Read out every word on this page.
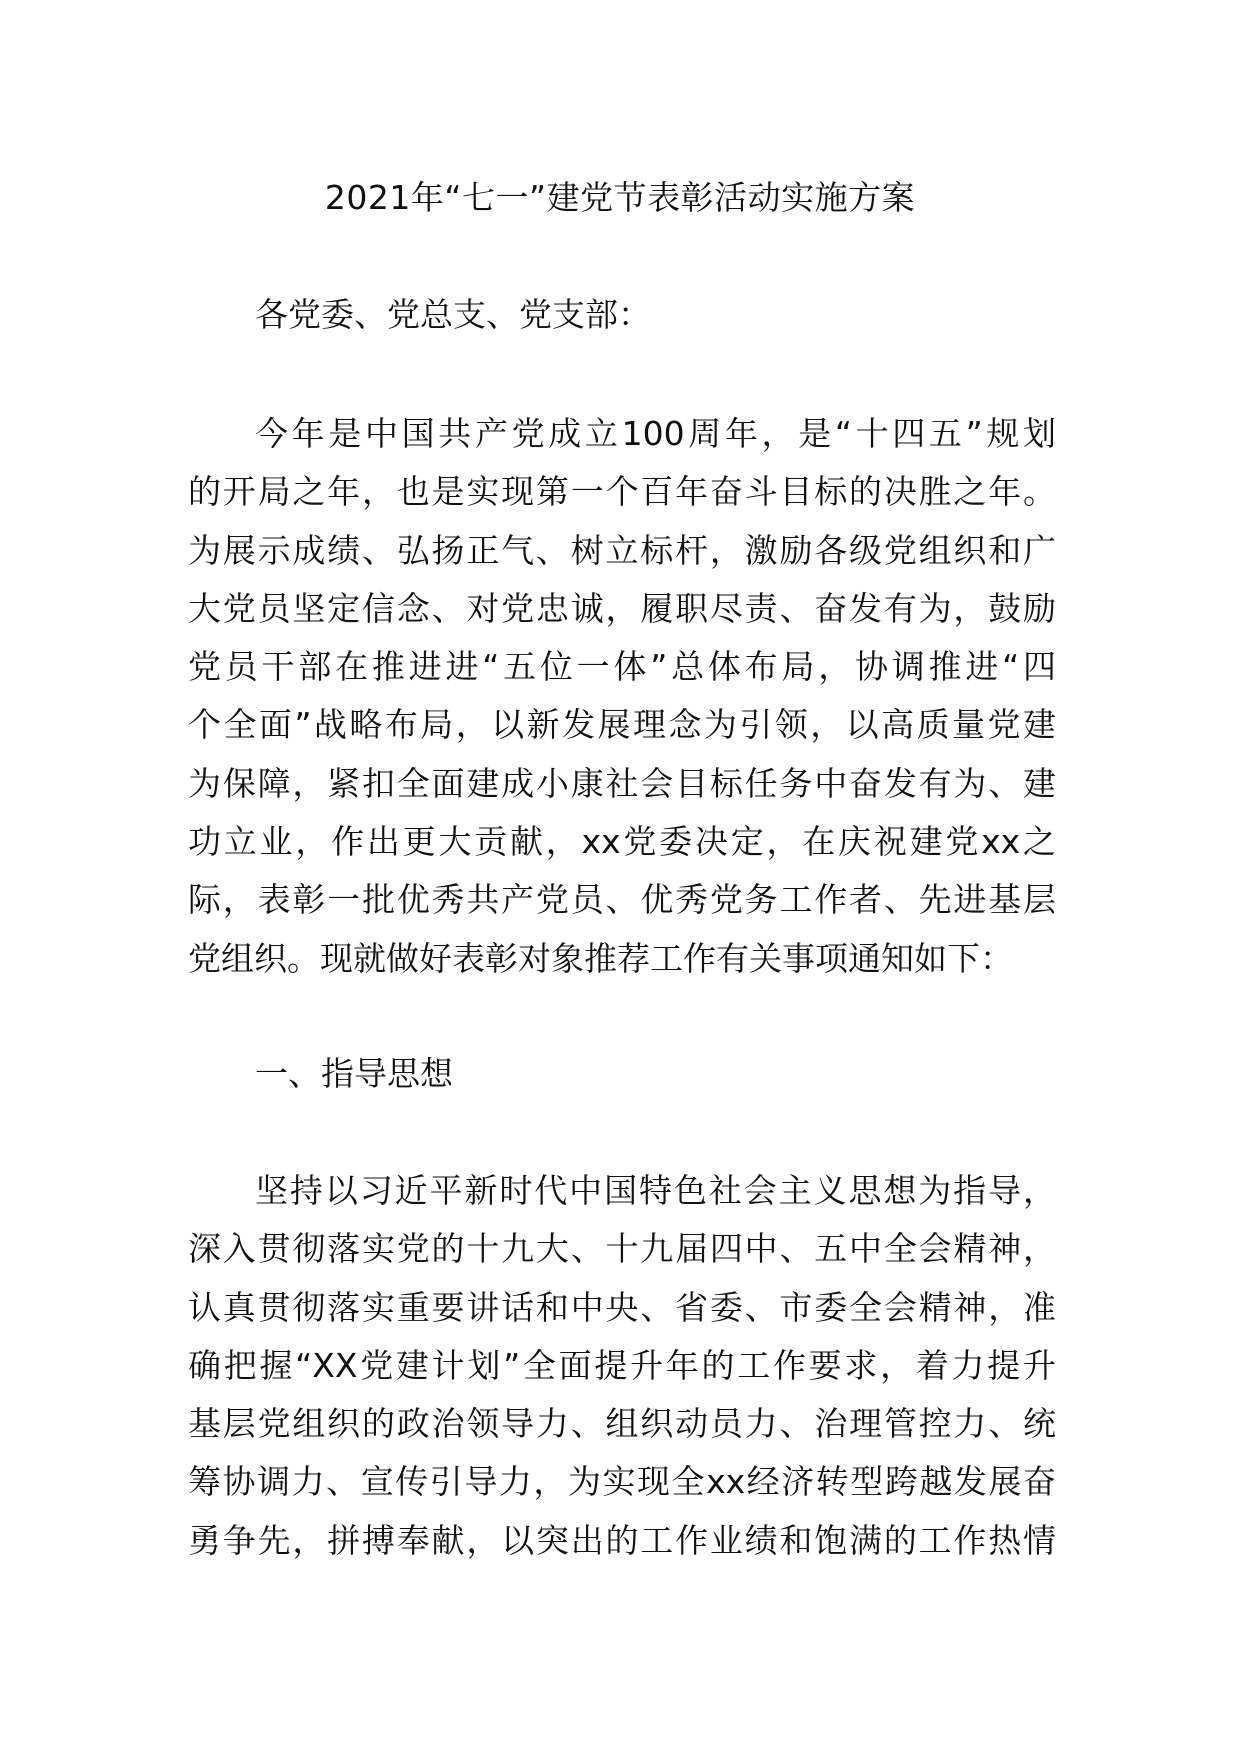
2021年“七一”建党节表彰活动实施方案
各党委、党总支、党支部：
今年是中国共产党成立100周年，是“十四五”规划
的开局之年，也是实现第一个百年奋斗目标的决胜之年。
为展示成绩、弘扬正气、树立标杆，激励各级党组织和广
大党员坚定信念、对党忠诚，履职尽责、奋发有为，鼓励
党员干部在推进进“五位一体”总体布局，协调推进“四
个全面”战略布局，以新发展理念为引领，以高质量党建
为保障，紧扣全面建成小康社会目标任务中奋发有为、建
功立业，作出更大贡献，xx党委决定，在庆祝建党xx之
际，表彰一批优秀共产党员、优秀党务工作者、先进基层
党组织。现就做好表彰对象推荐工作有关事项通知如下：
一、指导思想
坚持以习近平新时代中国特色社会主义思想为指导，
深入贯彻落实党的十九大、十九届四中、五中全会精神，
认真贯彻落实重要讲话和中央、省委、市委全会精神，准
确把握“XX党建计划”全面提升年的工作要求，着力提升
基层党组织的政治领导力、组织动员力、治理管控力、统
筹协调力、宣传引导力，为实现全xx经济转型跨越发展奋
勇争先，拼搏奉献，以突出的工作业绩和饱满的工作热情
